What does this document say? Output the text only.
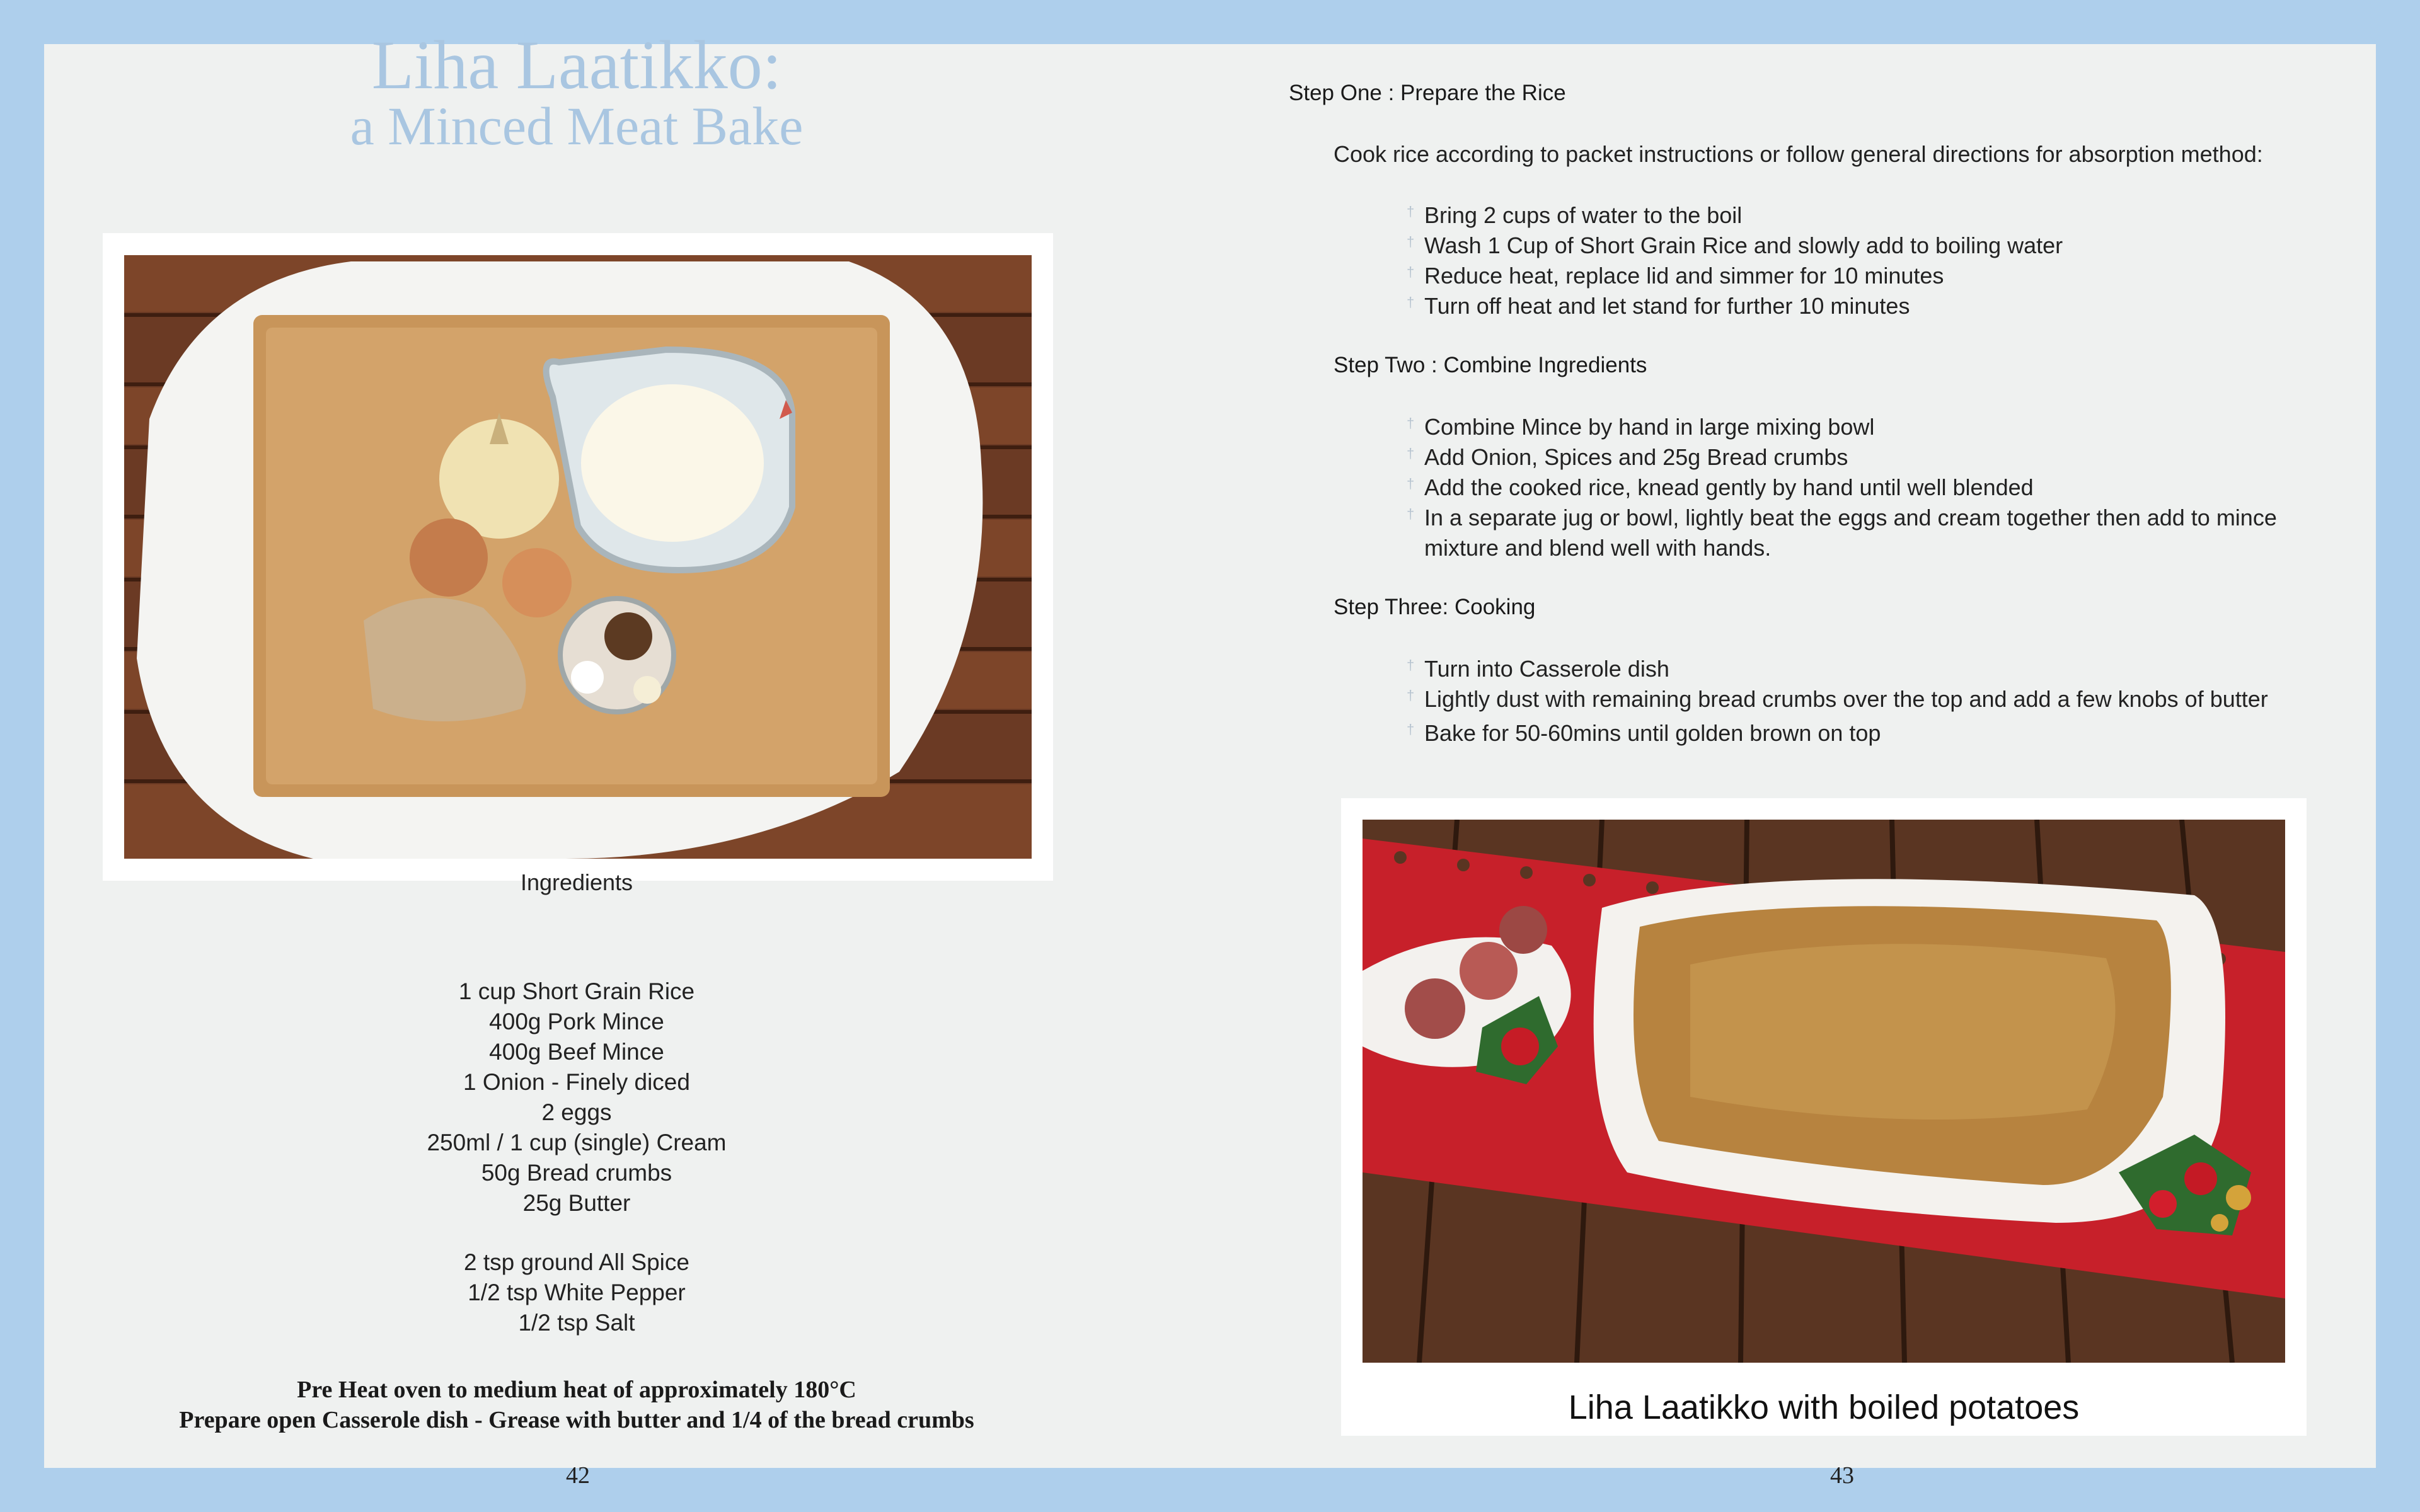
Liha Laatikko:
a Minced Meat Bake
Ingredients
1 cup Short Grain Rice
400g Pork Mince
400g Beef Mince
1 Onion - Finely diced
2 eggs
250ml / 1 cup (single) Cream
50g Bread crumbs
25g Butter
2 tsp ground All Spice
1/2 tsp White Pepper
1/2 tsp Salt
Pre Heat oven to medium heat of approximately 180°C
Prepare open Casserole dish - Grease with butter and 1/4 of the bread crumbs
42
Step One : Prepare the Rice
Cook rice according to packet instructions or follow general directions for absorption method:
† Bring 2 cups of water to the boil
† Wash 1 Cup of Short Grain Rice and slowly add to boiling water
† Reduce heat, replace lid and simmer for 10 minutes
† Turn off heat and let stand for further 10 minutes
Step Two : Combine Ingredients
† Combine Mince by hand in large mixing bowl
† Add Onion, Spices and 25g Bread crumbs
† Add the cooked rice, knead gently by hand until well blended
† In a separate jug or bowl, lightly beat the eggs and cream together then add to mince
mixture and blend well with hands.
Step Three: Cooking
† Turn into Casserole dish
† Lightly dust with remaining bread crumbs over the top and add a few knobs of butter
† Bake for 50-60mins until golden brown on top
Liha Laatikko with boiled potatoes
43
